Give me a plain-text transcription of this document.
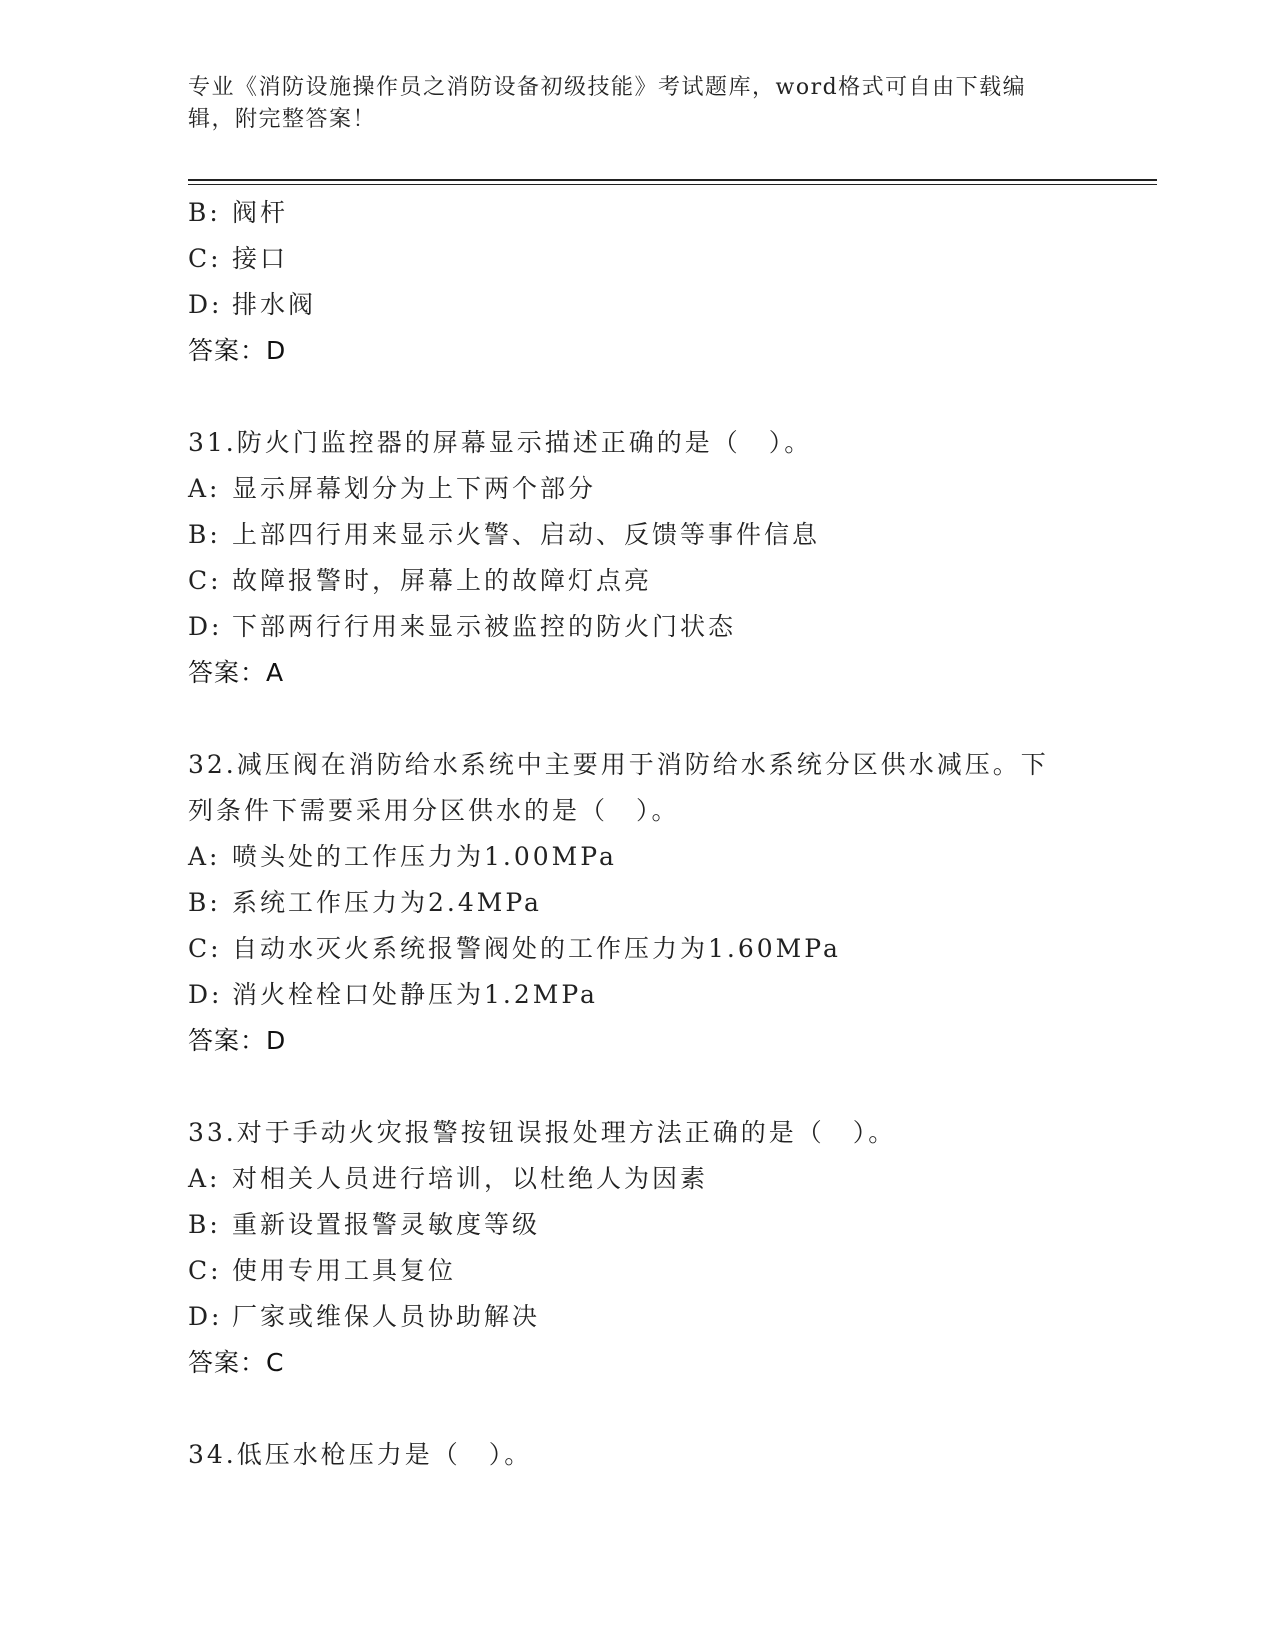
专业《消防设施操作员之消防设备初级技能》考试题库，word格式可自由下载编辑，附完整答案！
B: 阀杆
C: 接口
D: 排水阀
答案：D
31.防火门监控器的屏幕显示描述正确的是（　）。
A: 显示屏幕划分为上下两个部分
B: 上部四行用来显示火警、启动、反馈等事件信息
C: 故障报警时，屏幕上的故障灯点亮
D: 下部两行行用来显示被监控的防火门状态
答案：A
32.减压阀在消防给水系统中主要用于消防给水系统分区供水减压。下列条件下需要采用分区供水的是（　）。
A: 喷头处的工作压力为1.00MPa
B: 系统工作压力为2.4MPa
C: 自动水灭火系统报警阀处的工作压力为1.60MPa
D: 消火栓栓口处静压为1.2MPa
答案：D
33.对于手动火灾报警按钮误报处理方法正确的是（　）。
A: 对相关人员进行培训，以杜绝人为因素
B: 重新设置报警灵敏度等级
C: 使用专用工具复位
D: 厂家或维保人员协助解决
答案：C
34.低压水枪压力是（　）。
